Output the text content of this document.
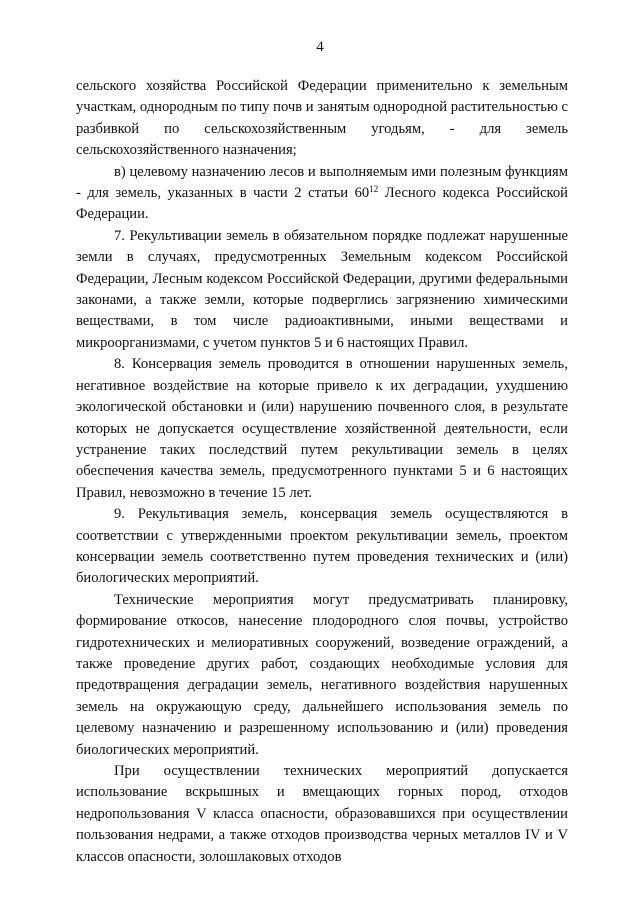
4

сельского хозяйства Российской Федерации применительно к земельным участкам, однородным по типу почв и занятым однородной растительностью с разбивкой по сельскохозяйственным угодьям, - для земель сельскохозяйственного назначения;

в) целевому назначению лесов и выполняемым ими полезным функциям - для земель, указанных в части 2 статьи $60^{12}$ Лесного кодекса Российской Федерации.

7. Рекультивации земель в обязательном порядке подлежат нарушенные земли в случаях, предусмотренных Земельным кодексом Российской Федерации, Лесным кодексом Российской Федерации, другими федеральными законами, а также земли, которые подверглись загрязнению химическими веществами, в том числе радиоактивными, иными веществами и микроорганизмами, с учетом пунктов 5 и 6 настоящих Правил.

8. Консервация земель проводится в отношении нарушенных земель, негативное воздействие на которые привело к их деградации, ухудшению экологической обстановки и (или) нарушению почвенного слоя, в результате которых не допускается осуществление хозяйственной деятельности, если устранение таких последствий путем рекультивации земель в целях обеспечения качества земель, предусмотренного пунктами 5 и 6 настоящих Правил, невозможно в течение 15 лет.

9. Рекультивация земель, консервация земель осуществляются в соответствии с утвержденными проектом рекультивации земель, проектом консервации земель соответственно путем проведения технических и (или) биологических мероприятий.

Технические мероприятия могут предусматривать планировку, формирование откосов, нанесение плодородного слоя почвы, устройство гидротехнических и мелиоративных сооружений, возведение ограждений, а также проведение других работ, создающих необходимые условия для предотвращения деградации земель, негативного воздействия нарушенных земель на окружающую среду, дальнейшего использования земель по целевому назначению и разрешенному использованию и (или) проведения биологических мероприятий.

При осуществлении технических мероприятий допускается использование вскрышных и вмещающих горных пород, отходов недропользования V класса опасности, образовавшихся при осуществлении пользования недрами, а также отходов производства черных металлов IV и V классов опасности, золошлаковых отходов
